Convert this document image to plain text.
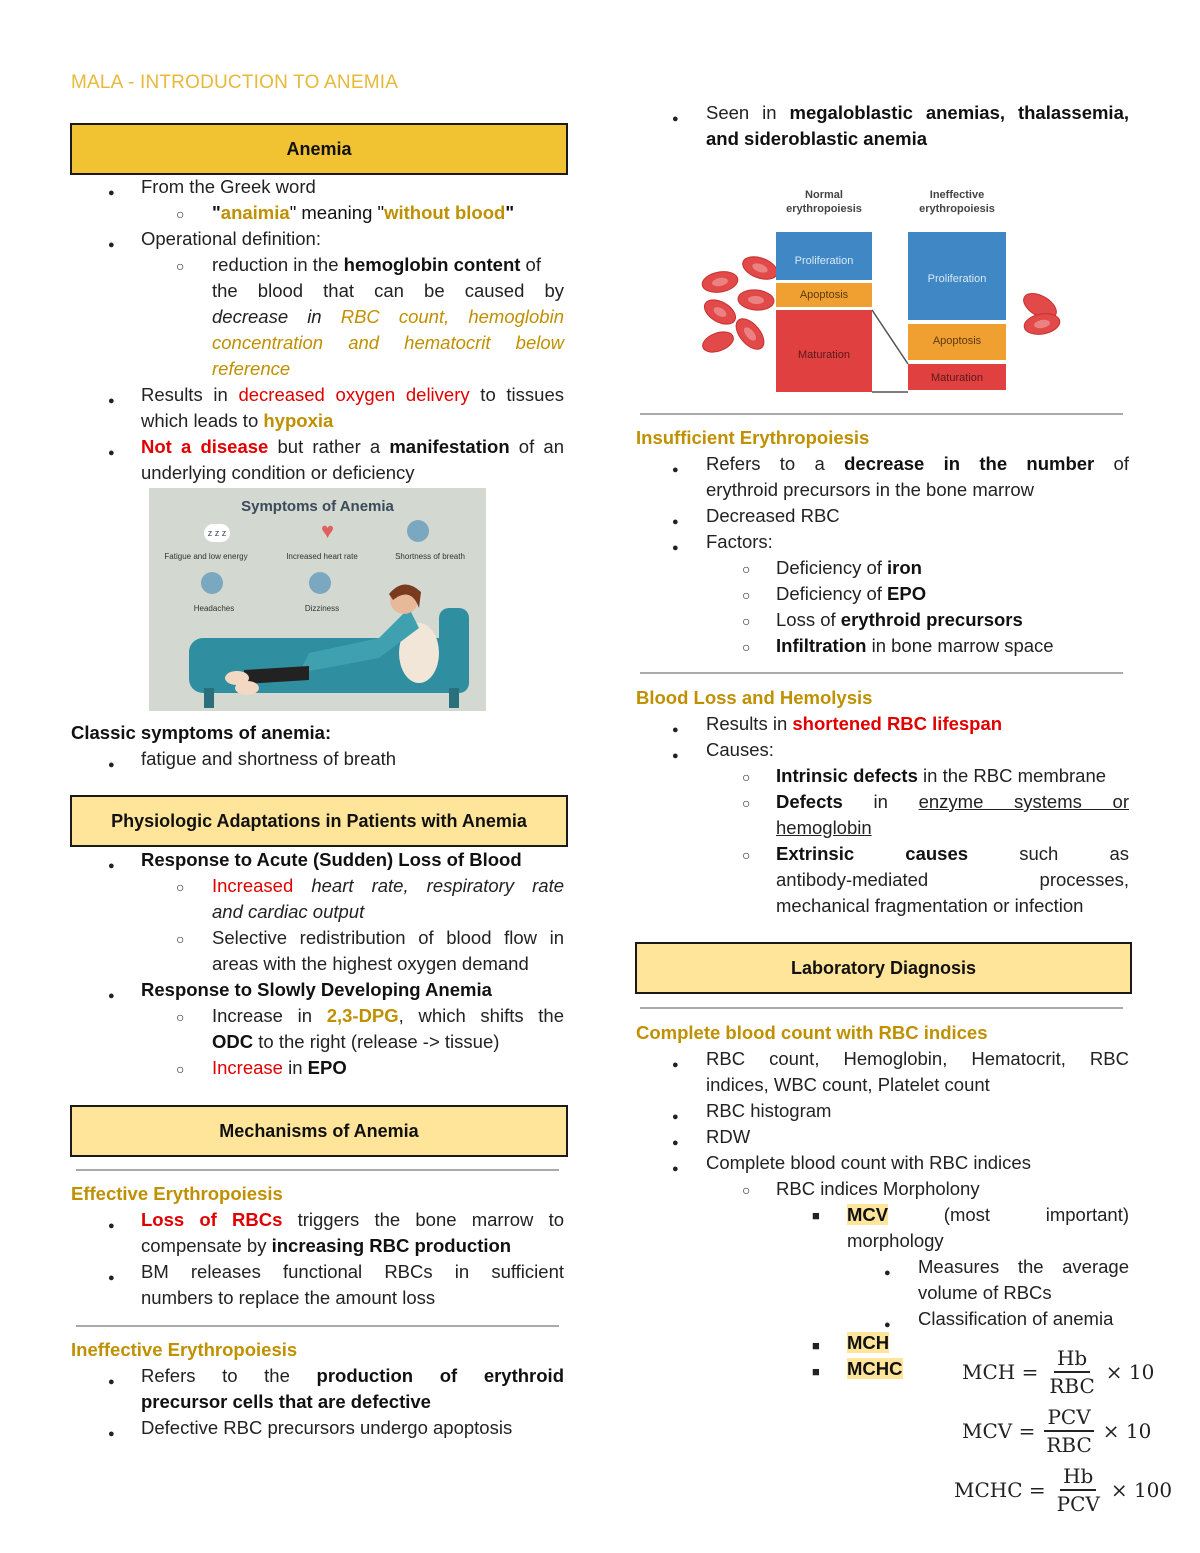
MALA - INTRODUCTION TO ANEMIA
Anemia
● From the Greek word
○ "anaimia" meaning "without blood"
● Operational definition:
○ reduction in the hemoglobin content of
the blood that can be caused by
decrease in RBC count, hemoglobin
concentration and hematocrit below
reference
● Results in decreased oxygen delivery to tissues
which leads to hypoxia
● Not a disease but rather a manifestation of an
underlying condition or deficiency
Symptoms of Anemia
z z z	♥
Fatigue and low energy	Increased heart rate	Shortness of breath
Headaches	Dizziness
Classic symptoms of anemia:
● fatigue and shortness of breath
Physiologic Adaptations in Patients with Anemia
● Response to Acute (Sudden) Loss of Blood
○ Increased heart rate, respiratory rate
and cardiac output
○ Selective redistribution of blood flow in
areas with the highest oxygen demand
● Response to Slowly Developing Anemia
○ Increase in 2,3-DPG, which shifts the
ODC to the right (release -> tissue)
○ Increase in EPO
Mechanisms of Anemia
Effective Erythropoiesis
● Loss of RBCs triggers the bone marrow to
compensate by increasing RBC production
● BM releases functional RBCs in sufficient
numbers to replace the amount loss
Ineffective Erythropoiesis
● Refers to the production of erythroid
precursor cells that are defective
● Defective RBC precursors undergo apoptosis
● Seen in megaloblastic anemias, thalassemia,
and sideroblastic anemia
Normal
erythropoiesis
Ineffective
erythropoiesis
Proliferation
Apoptosis
Maturation
Proliferation
Apoptosis
Maturation
Insufficient Erythropoiesis
● Refers to a decrease in the number of
erythroid precursors in the bone marrow
● Decreased RBC
● Factors:
○ Deficiency of iron
○ Deficiency of EPO
○ Loss of erythroid precursors
○ Infiltration in bone marrow space
Blood Loss and Hemolysis
● Results in shortened RBC lifespan
● Causes:
○ Intrinsic defects in the RBC membrane
○ Defects in enzyme systems or
hemoglobin
○ Extrinsic causes such as
antibody-mediated processes,
mechanical fragmentation or infection
Laboratory Diagnosis
Complete blood count with RBC indices
● RBC count, Hemoglobin, Hematocrit, RBC
indices, WBC count, Platelet count
● RBC histogram
● RDW
● Complete blood count with RBC indices
○ RBC indices Morpholony
■ MCV	(most important)
morphology
● Measures the average
volume of RBCs
● Classification of anemia
■ MCH
■ MCHC	MCH = $\frac{Hb}{\text{RBC}} \times 10$
MCV = $\frac{\text{PCV}}{\text{RBC}} \times 10$
MCHC = $\frac{Hb}{\text{PCV}} \times 100$
